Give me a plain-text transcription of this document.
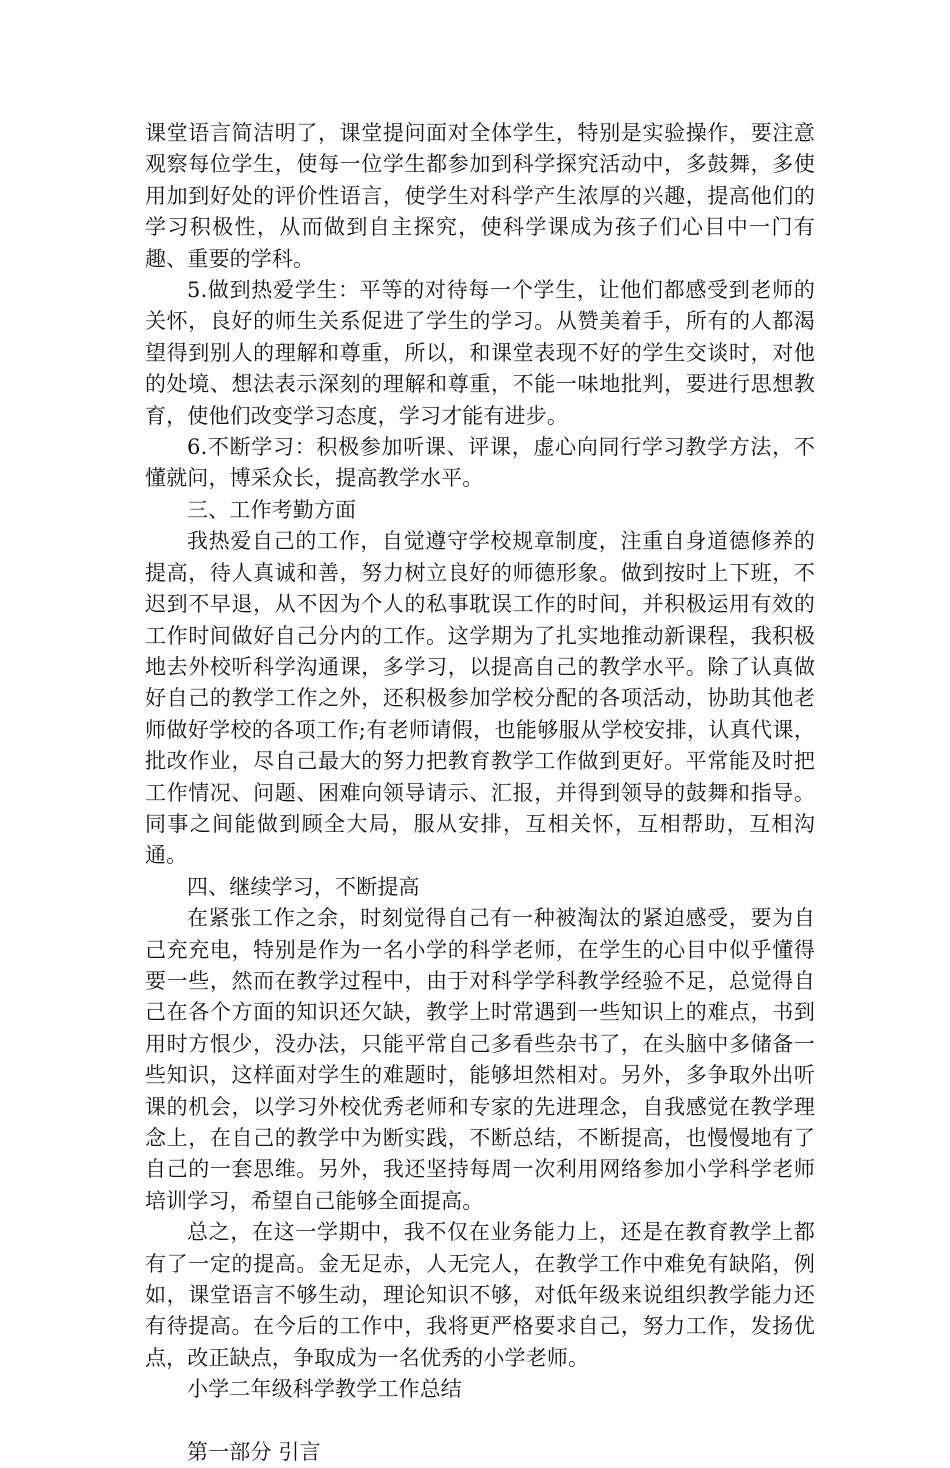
课堂语言简洁明了，课堂提问面对全体学生，特别是实验操作，要注意观察每位学生，使每一位学生都参加到科学探究活动中，多鼓舞，多使用加到好处的评价性语言，使学生对科学产生浓厚的兴趣，提高他们的学习积极性，从而做到自主探究，使科学课成为孩子们心目中一门有趣、重要的学科。

5.做到热爱学生：平等的对待每一个学生，让他们都感受到老师的关怀，良好的师生关系促进了学生的学习。从赞美着手，所有的人都渴望得到别人的理解和尊重，所以，和课堂表现不好的学生交谈时，对他的处境、想法表示深刻的理解和尊重，不能一味地批判，要进行思想教育，使他们改变学习态度，学习才能有进步。

6.不断学习：积极参加听课、评课，虚心向同行学习教学方法，不懂就问，博采众长，提高教学水平。

三、工作考勤方面

我热爱自己的工作，自觉遵守学校规章制度，注重自身道德修养的提高，待人真诚和善，努力树立良好的师德形象。做到按时上下班，不迟到不早退，从不因为个人的私事耽误工作的时间，并积极运用有效的工作时间做好自己分内的工作。这学期为了扎实地推动新课程，我积极地去外校听科学沟通课，多学习，以提高自己的教学水平。除了认真做好自己的教学工作之外，还积极参加学校分配的各项活动，协助其他老师做好学校的各项工作;有老师请假，也能够服从学校安排，认真代课，批改作业，尽自己最大的努力把教育教学工作做到更好。平常能及时把工作情况、问题、困难向领导请示、汇报，并得到领导的鼓舞和指导。同事之间能做到顾全大局，服从安排，互相关怀，互相帮助，互相沟通。

四、继续学习，不断提高

在紧张工作之余，时刻觉得自己有一种被淘汰的紧迫感受，要为自己充充电，特别是作为一名小学的科学老师，在学生的心目中似乎懂得要一些，然而在教学过程中，由于对科学学科教学经验不足，总觉得自己在各个方面的知识还欠缺，教学上时常遇到一些知识上的难点，书到用时方恨少，没办法，只能平常自己多看些杂书了，在头脑中多储备一些知识，这样面对学生的难题时，能够坦然相对。另外，多争取外出听课的机会，以学习外校优秀老师和专家的先进理念，自我感觉在教学理念上，在自己的教学中为断实践，不断总结，不断提高，也慢慢地有了自己的一套思维。另外，我还坚持每周一次利用网络参加小学科学老师培训学习，希望自己能够全面提高。

总之，在这一学期中，我不仅在业务能力上，还是在教育教学上都有了一定的提高。金无足赤，人无完人，在教学工作中难免有缺陷，例如，课堂语言不够生动，理论知识不够，对低年级来说组织教学能力还有待提高。在今后的工作中，我将更严格要求自己，努力工作，发扬优点，改正缺点，争取成为一名优秀的小学老师。

小学二年级科学教学工作总结

第一部分 引言
